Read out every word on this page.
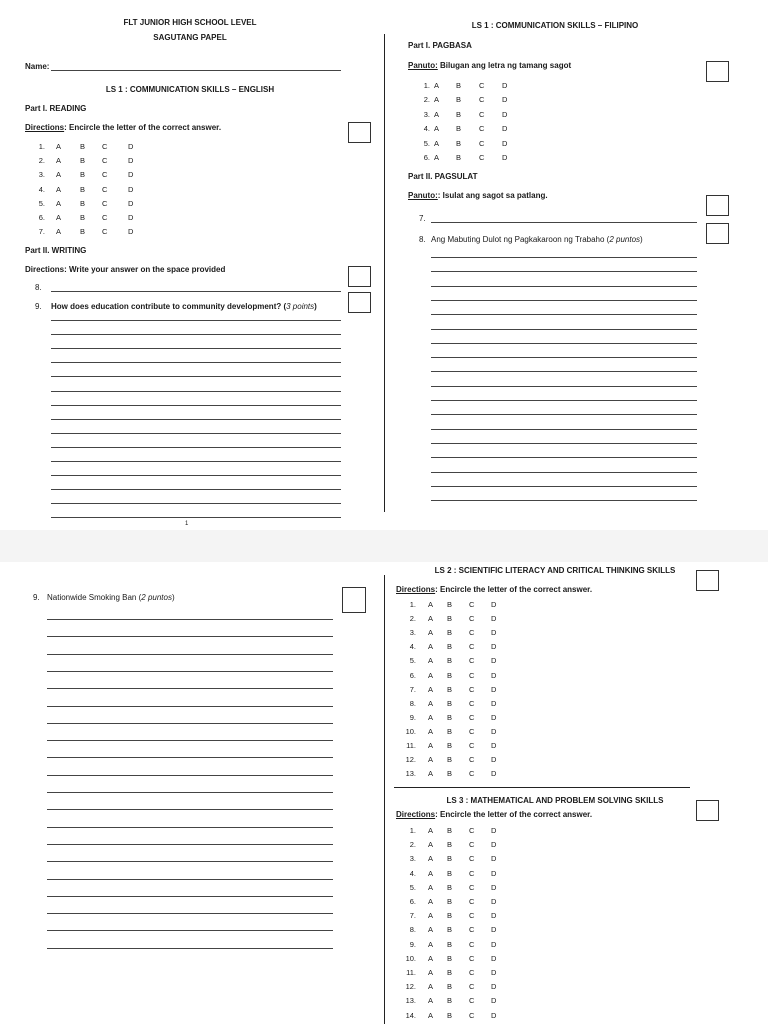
FLT JUNIOR HIGH SCHOOL LEVEL
SAGUTANG PAPEL
Name:
LS 1 : COMMUNICATION SKILLS – ENGLISH
Part I. READING
Directions: Encircle the letter of the correct answer.
1. A	B C	D
2. A	B C	D
3. A	B C	D
4. A	B C	D
5. A	B C	D
6. A	B C	D
7. A	B C	D
Part II. WRITING
Directions: Write your answer on the space provided
8.
9. How does education contribute to community development? (3 points)
1
LS 1 : COMMUNICATION SKILLS – FILIPINO
Part I. PAGBASA
Panuto: Bilugan ang letra ng tamang sagot
1. A B C D
2. A B C D
3. A B C D
4. A B C D
5. A B C D
6. A B C D
Part II. PAGSULAT
Panuto:: Isulat ang sagot sa patlang.
7.
8. Ang Mabuting Dulot ng Pagkakaroon ng Trabaho (2 puntos)
9. Nationwide Smoking Ban (2 puntos)
LS 2 : SCIENTIFIC LITERACY AND CRITICAL THINKING SKILLS
Directions: Encircle the letter of the correct answer.
1. A B C D
2. A B C D
3. A B C D
4. A B C D
5. A B C D
6. A B C D
7. A B C D
8. A B C D
9. A B C D
10. A B C D
11. A B C D
12. A B C D
13. A B C D
LS 3 : MATHEMATICAL AND PROBLEM SOLVING SKILLS
Directions: Encircle the letter of the correct answer.
1. A B C D
2. A B C D
3. A B C D
4. A B C D
5. A B C D
6. A B C D
7. A B C D
8. A B C D
9. A B C D
10. A B C D
11. A B C D
12. A B C D
13. A B C D
14. A B C D
